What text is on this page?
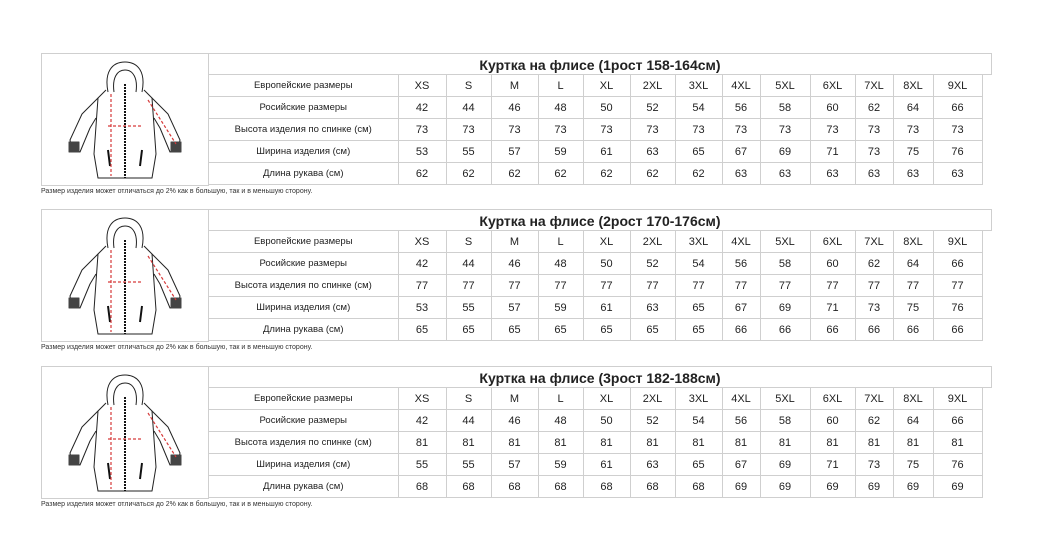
Куртка на флисе (1рост 158-164см)
Европейские размеры	XS	S	M	L	XL	2XL	3XL	4XL	5XL	6XL	7XL	8XL	9XL
Росийские размеры	42	44	46	48	50	52	54	56	58	60	62	64	66
Высота изделия по спинке (см)	73	73	73	73	73	73	73	73	73	73	73	73	73
Ширина изделия (см)	53	55	57	59	61	63	65	67	69	71	73	75	76
Длина рукава (см)	62	62	62	62	62	62	62	63	63	63	63	63	63
Размер изделия может отличаться до 2% как в большую, так и в меньшую сторону.
Куртка на флисе (2рост 170-176см)
Европейские размеры	XS	S	M	L	XL	2XL	3XL	4XL	5XL	6XL	7XL	8XL	9XL
Росийские размеры	42	44	46	48	50	52	54	56	58	60	62	64	66
Высота изделия по спинке (см)	77	77	77	77	77	77	77	77	77	77	77	77	77
Ширина изделия (см)	53	55	57	59	61	63	65	67	69	71	73	75	76
Длина рукава (см)	65	65	65	65	65	65	65	66	66	66	66	66	66
Размер изделия может отличаться до 2% как в большую, так и в меньшую сторону.
Куртка на флисе (3рост 182-188см)
Европейские размеры	XS	S	M	L	XL	2XL	3XL	4XL	5XL	6XL	7XL	8XL	9XL
Росийские размеры	42	44	46	48	50	52	54	56	58	60	62	64	66
Высота изделия по спинке (см)	81	81	81	81	81	81	81	81	81	81	81	81	81
Ширина изделия (см)	55	55	57	59	61	63	65	67	69	71	73	75	76
Длина рукава (см)	68	68	68	68	68	68	68	69	69	69	69	69	69
Размер изделия может отличаться до 2% как в большую, так и в меньшую сторону.
